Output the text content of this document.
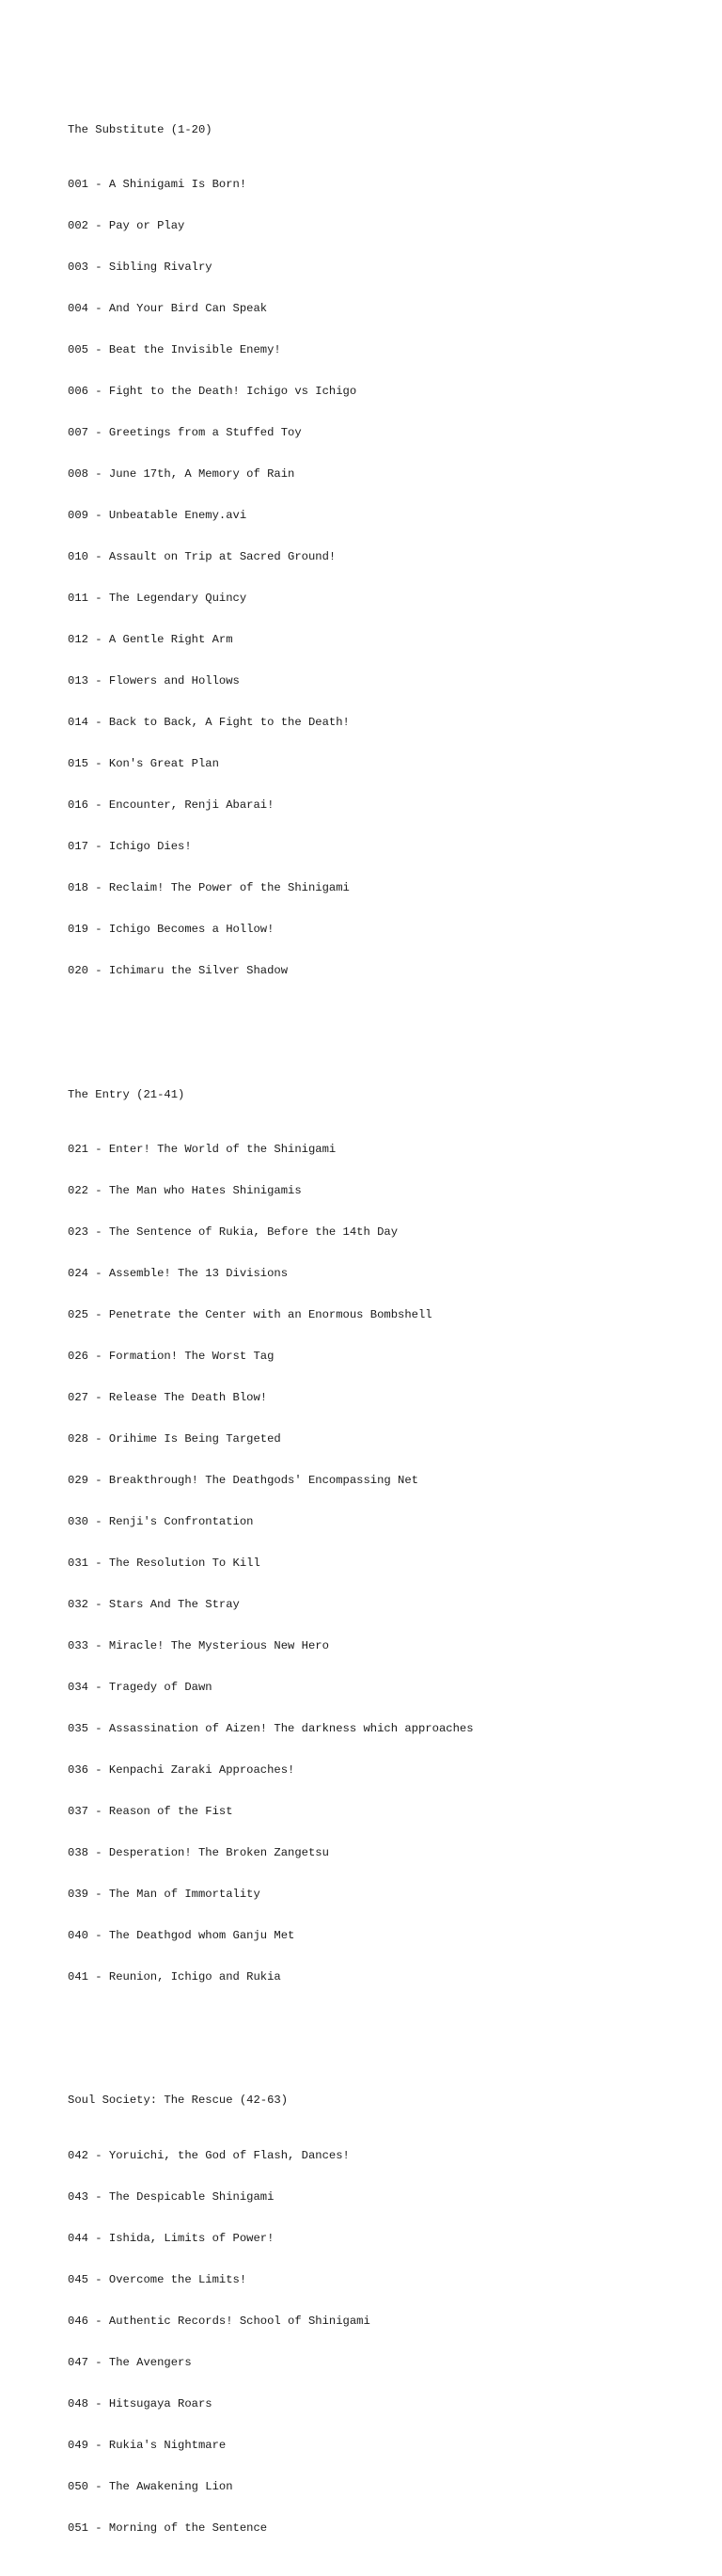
The Substitute (1-20)

001 - A Shinigami Is Born!

002 - Pay or Play

003 - Sibling Rivalry

004 - And Your Bird Can Speak

005 - Beat the Invisible Enemy!

006 - Fight to the Death! Ichigo vs Ichigo

007 - Greetings from a Stuffed Toy

008 - June 17th, A Memory of Rain

009 - Unbeatable Enemy.avi

010 - Assault on Trip at Sacred Ground!

011 - The Legendary Quincy

012 - A Gentle Right Arm

013 - Flowers and Hollows

014 - Back to Back, A Fight to the Death!

015 - Kon's Great Plan

016 - Encounter, Renji Abarai!

017 - Ichigo Dies!

018 - Reclaim! The Power of the Shinigami

019 - Ichigo Becomes a Hollow!

020 - Ichimaru the Silver Shadow

The Entry (21-41)

021 - Enter! The World of the Shinigami

022 - The Man who Hates Shinigamis

023 - The Sentence of Rukia, Before the 14th Day

024 - Assemble! The 13 Divisions

025 - Penetrate the Center with an Enormous Bombshell

026 - Formation! The Worst Tag

027 - Release The Death Blow!

028 - Orihime Is Being Targeted

029 - Breakthrough! The Deathgods' Encompassing Net

030 - Renji's Confrontation

031 - The Resolution To Kill

032 - Stars And The Stray

033 - Miracle! The Mysterious New Hero

034 - Tragedy of Dawn

035 - Assassination of Aizen! The darkness which approaches

036 - Kenpachi Zaraki Approaches!

037 - Reason of the Fist

038 - Desperation! The Broken Zangetsu

039 - The Man of Immortality

040 - The Deathgod whom Ganju Met

041 - Reunion, Ichigo and Rukia

Soul Society: The Rescue (42-63)

042 - Yoruichi, the God of Flash, Dances!

043 - The Despicable Shinigami

044 - Ishida, Limits of Power!

045 - Overcome the Limits!

046 - Authentic Records! School of Shinigami

047 - The Avengers

048 - Hitsugaya Roars

049 - Rukia's Nightmare

050 - The Awakening Lion

051 - Morning of the Sentence
